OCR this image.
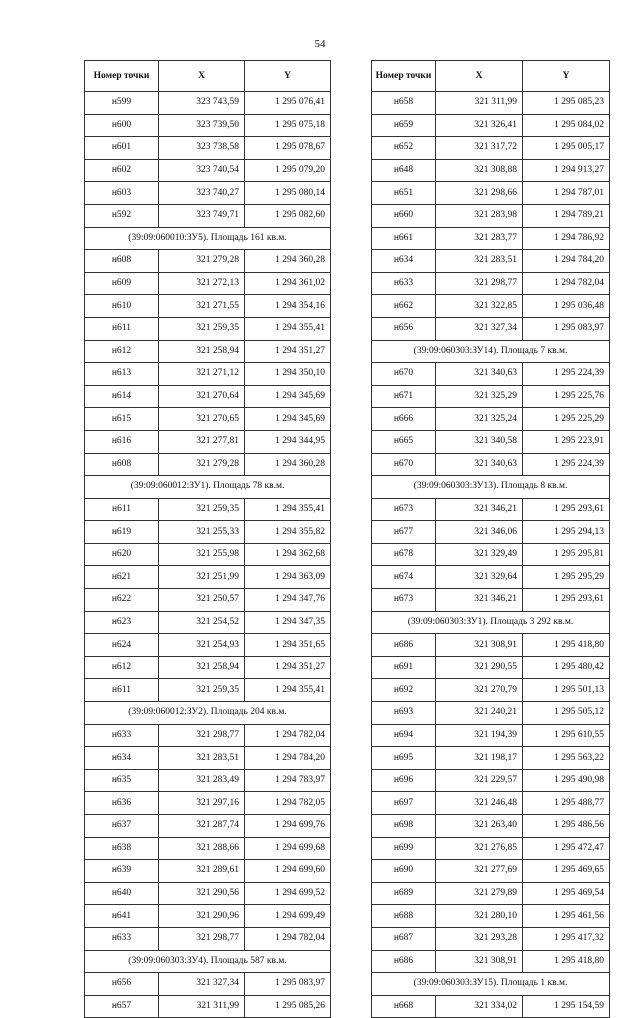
54
Номер точки	X	Y
н599	323 743,59	1 295 076,41
н600	323 739,50	1 295 075,18
н601	323 738,58	1 295 078,67
н602	323 740,54	1 295 079,20
н603	323 740,27	1 295 080,14
н592	323 749,71	1 295 082,60
(39:09:060010:ЗУ5). Площадь 161 кв.м.		
н608	321 279,28	1 294 360,28
н609	321 272,13	1 294 361,02
н610	321 271,55	1 294 354,16
н611	321 259,35	1 294 355,41
н612	321 258,94	1 294 351,27
н613	321 271,12	1 294 350,10
н614	321 270,64	1 294 345,69
н615	321 270,65	1 294 345,69
н616	321 277,81	1 294 344,95
н608	321 279,28	1 294 360,28
(39:09:060012:ЗУ1). Площадь 78 кв.м.		
н611	321 259,35	1 294 355,41
н619	321 255,33	1 294 355,82
н620	321 255,98	1 294 362,68
н621	321 251,99	1 294 363,09
н622	321 250,57	1 294 347,76
н623	321 254,52	1 294 347,35
н624	321 254,93	1 294 351,65
н612	321 258,94	1 294 351,27
н611	321 259,35	1 294 355,41
(39:09:060012:ЗУ2). Площадь 204 кв.м.		
н633	321 298,77	1 294 782,04
н634	321 283,51	1 294 784,20
н635	321 283,49	1 294 783,97
н636	321 297,16	1 294 782,05
н637	321 287,74	1 294 699,76
н638	321 288,66	1 294 699,68
н639	321 289,61	1 294 699,60
н640	321 290,56	1 294 699,52
н641	321 290,96	1 294 699,49
н633	321 298,77	1 294 782,04
(39:09:060303:ЗУ4). Площадь 587 кв.м.		
н656	321 327,34	1 295 083,97
н657	321 311,99	1 295 085,26
Номер точки	X	Y
н658	321 311,99	1 295 085,23
н659	321 326,41	1 295 084,02
н652	321 317,72	1 295 005,17
н648	321 308,88	1 294 913,27
н651	321 298,66	1 294 787,01
н660	321 283,98	1 294 789,21
н661	321 283,77	1 294 786,92
н634	321 283,51	1 294 784,20
н633	321 298,77	1 294 782,04
н662	321 322,85	1 295 036,48
н656	321 327,34	1 295 083,97
(39:09:060303:ЗУ14). Площадь 7 кв.м.		
н670	321 340,63	1 295 224,39
н671	321 325,29	1 295 225,76
н666	321 325,24	1 295 225,29
н665	321 340,58	1 295 223,91
н670	321 340,63	1 295 224,39
(39:09:060303:ЗУ13). Площадь 8 кв.м.		
н673	321 346,21	1 295 293,61
н677	321 346,06	1 295 294,13
н678	321 329,49	1 295 295,81
н674	321 329,64	1 295 295,29
н673	321 346,21	1 295 293,61
(39:09:060303:ЗУ1). Площадь 3 292 кв.м.		
н686	321 308,91	1 295 418,80
н691	321 290,55	1 295 480,42
н692	321 270,79	1 295 501,13
н693	321 240,21	1 295 505,12
н694	321 194,39	1 295 610,55
н695	321 198,17	1 295 563,22
н696	321 229,57	1 295 490,98
н697	321 246,48	1 295 488,77
н698	321 263,40	1 295 486,56
н699	321 276,85	1 295 472,47
н690	321 277,69	1 295 469,65
н689	321 279,89	1 295 469,54
н688	321 280,10	1 295 461,56
н687	321 293,28	1 295 417,32
н686	321 308,91	1 295 418,80
(39:09:060303:ЗУ15). Площадь 1 кв.м.		
н668	321 334,02	1 295 154,59
